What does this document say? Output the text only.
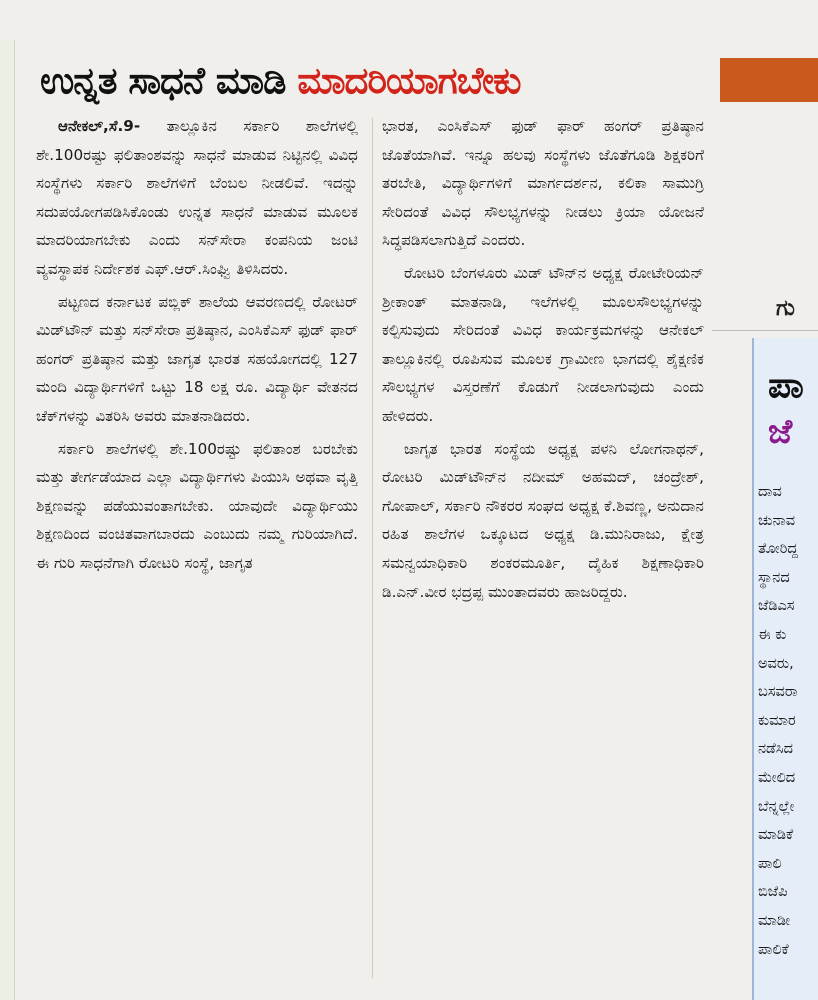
ಉನ್ನತ ಸಾಧನೆ ಮಾಡಿ ಮಾದರಿಯಾಗಬೇಕು

ಆನೇಕಲ್,ಸೆ.9- ತಾಲ್ಲೂಕಿನ ಸರ್ಕಾರಿ ಶಾಲೆಗಳಲ್ಲಿ ಶೇ.100ರಷ್ಟು ಫಲಿತಾಂಶವನ್ನು ಸಾಧನೆ ಮಾಡುವ ನಿಟ್ಟಿನಲ್ಲಿ ವಿವಿಧ ಸಂಸ್ಥೆಗಳು ಸರ್ಕಾರಿ ಶಾಲೆಗಳಿಗೆ ಬೆಂಬಲ ನೀಡಲಿವೆ. ಇದನ್ನು ಸದುಪಯೋಗಪಡಿಸಿಕೊಂಡು ಉನ್ನತ ಸಾಧನೆ ಮಾಡುವ ಮೂಲಕ ಮಾದರಿಯಾಗಬೇಕು ಎಂದು ಸನ್‌ಸೇರಾ ಕಂಪನಿಯ ಜಂಟಿ ವ್ಯವಸ್ಥಾಪಕ ನಿರ್ದೇಶಕ ಎಫ್.ಆರ್.ಸಿಂಘ್ವಿ ತಿಳಿಸಿದರು.

ಪಟ್ಟಣದ ಕರ್ನಾಟಕ ಪಬ್ಲಿಕ್ ಶಾಲೆಯ ಆವರಣದಲ್ಲಿ ರೋಟರ್ ಮಿಡ್‌ಟೌನ್ ಮತ್ತು ಸನ್‌ಸೇರಾ ಪ್ರತಿಷ್ಠಾನ, ಎಂಸಿಕೆಎಸ್ ಫುಡ್ ಫಾರ್ ಹಂಗರ್ ಪ್ರತಿಷ್ಠಾನ ಮತ್ತು ಜಾಗೃತ ಭಾರತ ಸಹಯೋಗದಲ್ಲಿ 127 ಮಂದಿ ವಿದ್ಯಾರ್ಥಿಗಳಿಗೆ ಒಟ್ಟು 18 ಲಕ್ಷ ರೂ. ವಿದ್ಯಾರ್ಥಿ ವೇತನದ ಚೆಕ್‌ಗಳನ್ನು ವಿತರಿಸಿ ಅವರು ಮಾತನಾಡಿದರು.

ಸರ್ಕಾರಿ ಶಾಲೆಗಳಲ್ಲಿ ಶೇ.100ರಷ್ಟು ಫಲಿತಾಂಶ ಬರಬೇಕು ಮತ್ತು ತೇರ್ಗಡೆಯಾದ ಎಲ್ಲಾ ವಿದ್ಯಾರ್ಥಿಗಳು ಪಿಯುಸಿ ಅಥವಾ ವೃತ್ತಿ ಶಿಕ್ಷಣವನ್ನು ಪಡೆಯುವಂತಾಗಬೇಕು. ಯಾವುದೇ ವಿದ್ಯಾರ್ಥಿಯು ಶಿಕ್ಷಣದಿಂದ ವಂಚಿತವಾಗಬಾರದು ಎಂಬುದು ನಮ್ಮ ಗುರಿಯಾಗಿದೆ. ಈ ಗುರಿ ಸಾಧನೆಗಾಗಿ ರೋಟರಿ ಸಂಸ್ಥೆ, ಜಾಗೃತ

ಭಾರತ, ಎಂಸಿಕೆಎಸ್ ಫುಡ್ ಫಾರ್ ಹಂಗರ್ ಪ್ರತಿಷ್ಠಾನ ಜೊತೆಯಾಗಿವೆ. ಇನ್ನೂ ಹಲವು ಸಂಸ್ಥೆಗಳು ಜೊತೆಗೂಡಿ ಶಿಕ್ಷಕರಿಗೆ ತರಬೇತಿ, ವಿದ್ಯಾರ್ಥಿಗಳಿಗೆ ಮಾರ್ಗದರ್ಶನ, ಕಲಿಕಾ ಸಾಮುಗ್ರಿ ಸೇರಿದಂತೆ ವಿವಿಧ ಸೌಲಭ್ಯಗಳನ್ನು ನೀಡಲು ಕ್ರಿಯಾ ಯೋಜನೆ ಸಿದ್ಧಪಡಿಸಲಾಗುತ್ತಿದೆ ಎಂದರು.

ರೋಟರಿ ಬೆಂಗಳೂರು ಮಿಡ್ ಟೌನ್‌ನ ಅಧ್ಯಕ್ಷ ರೋಟೇರಿಯನ್ ಶ್ರೀಕಾಂತ್ ಮಾತನಾಡಿ, ಇಲೆಗಳಲ್ಲಿ ಮೂಲಸೌಲಭ್ಯಗಳನ್ನು ಕಲ್ಪಿಸುವುದು ಸೇರಿದಂತೆ ವಿವಿಧ ಕಾರ್ಯಕ್ರಮಗಳನ್ನು ಆನೇಕಲ್ ತಾಲ್ಲೂಕಿನಲ್ಲಿ ರೂಪಿಸುವ ಮೂಲಕ ಗ್ರಾಮೀಣ ಭಾಗದಲ್ಲಿ ಶೈಕ್ಷಣಿಕ ಸೌಲಭ್ಯಗಳ ವಿಸ್ತರಣೆಗೆ ಕೊಡುಗೆ ನೀಡಲಾಗುವುದು ಎಂದು ಹೇಳಿದರು.

ಜಾಗೃತ ಭಾರತ ಸಂಸ್ಥೆಯ ಅಧ್ಯಕ್ಷ ಪಳನಿ ಲೋಗನಾಥನ್, ರೋಟರಿ ಮಿಡ್‌ಟೌನ್‌ನ ನದೀಮ್ ಅಹಮದ್, ಚಂದ್ರೇಶ್, ಗೋಪಾಲ್, ಸರ್ಕಾರಿ ನೌಕರರ ಸಂಘದ ಅಧ್ಯಕ್ಷ ಕೆ.ಶಿವಣ್ಣ, ಅನುದಾನ ರಹಿತ ಶಾಲೆಗಳ ಒಕ್ಕೂಟದ ಅಧ್ಯಕ್ಷ ಡಿ.ಮುನಿರಾಜು, ಕ್ಷೇತ್ರ ಸಮನ್ವಯಾಧಿಕಾರಿ ಶಂಕರಮೂರ್ತಿ, ದೈಹಿಕ ಶಿಕ್ಷಣಾಧಿಕಾರಿ ಡಿ.ಎನ್.ವೀರ ಭದ್ರಪ್ಪ ಮುಂತಾದವರು ಹಾಜರಿದ್ದರು.

ಗು
ಪಾ
ಜೆ
ದಾವ
ಚುನಾವ
ತೋರಿದ್ದ
ಸ್ಥಾನದ
ಜೆಡಿಎಸ
ಈ ಕು
ಅವರು,
ಬಸವರಾ
ಕುಮಾರ
ನಡೆಸಿದ
ಮೇಲಿದ
ಬೆನ್ನಲ್ಲೇ
ಮಾಡಿಕೆ
ಪಾಲಿ
ಬಿಜೆಪಿ
ಮಾಡೀ
ಪಾಲಿಕೆ
